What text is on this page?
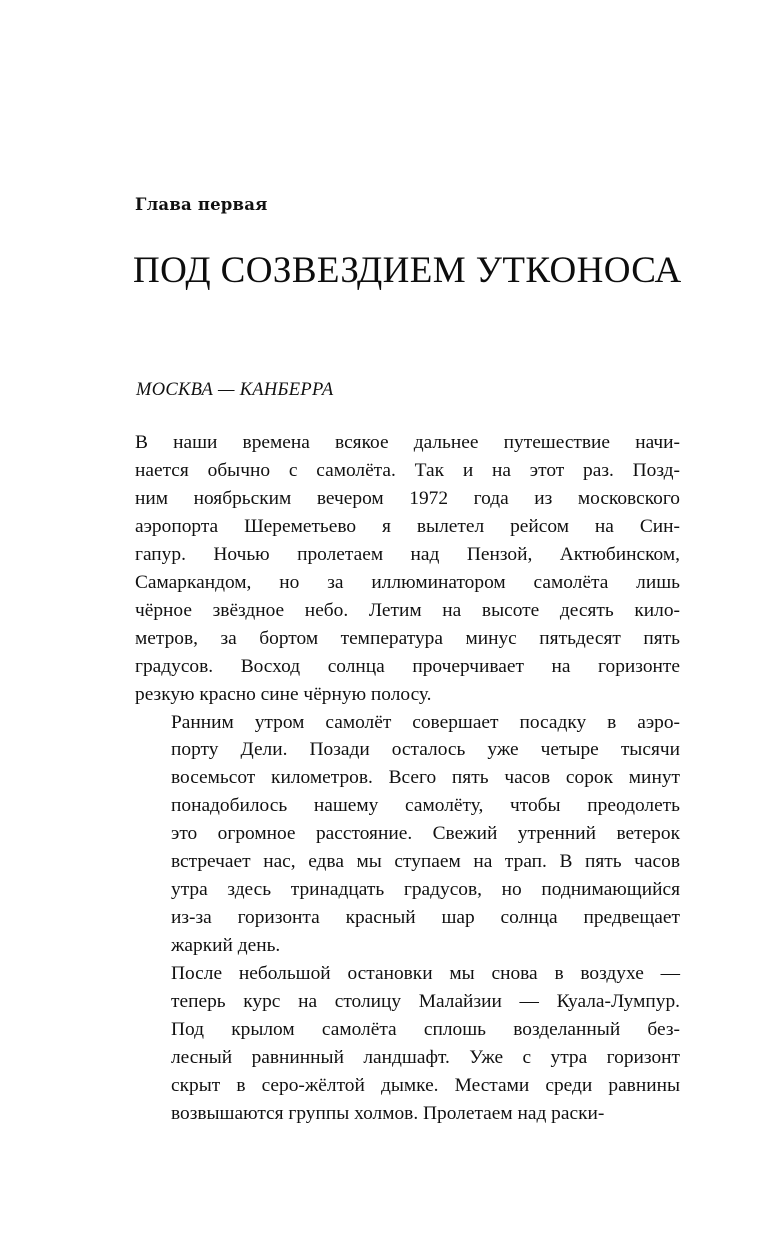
Глава первая
ПОД СОЗВЕЗДИЕМ УТКОНОСА
МОСКВА — КАНБЕРРА

В наши времена всякое дальнее путешествие начи-
нается обычно с самолёта. Так и на этот раз. Позд-
ним ноябрьским вечером 1972 года из московского
аэропорта Шереметьево я вылетел рейсом на Син-
гапур. Ночью пролетаем над Пензой, Актюбинском,
Самаркандом, но за иллюминатором самолёта лишь
чёрное звёздное небо. Летим на высоте десять кило-
метров, за бортом температура минус пятьдесят пять
градусов. Восход солнца прочерчивает на горизонте
резкую красно сине чёрную полосу.

Ранним утром самолёт совершает посадку в аэро-
порту Дели. Позади осталось уже четыре тысячи
восемьсот километров. Всего пять часов сорок минут
понадобилось нашему самолёту, чтобы преодолеть
это огромное расстояние. Свежий утренний ветерок
встречает нас, едва мы ступаем на трап. В пять часов
утра здесь тринадцать градусов, но поднимающийся
из-за горизонта красный шар солнца предвещает
жаркий день.

После небольшой остановки мы снова в воздухе —
теперь курс на столицу Малайзии — Куала-Лумпур.
Под крылом самолёта сплошь возделанный без-
лесный равнинный ландшафт. Уже с утра горизонт
скрыт в серо-жёлтой дымке. Местами среди равнины
возвышаются группы холмов. Пролетаем над раски-
